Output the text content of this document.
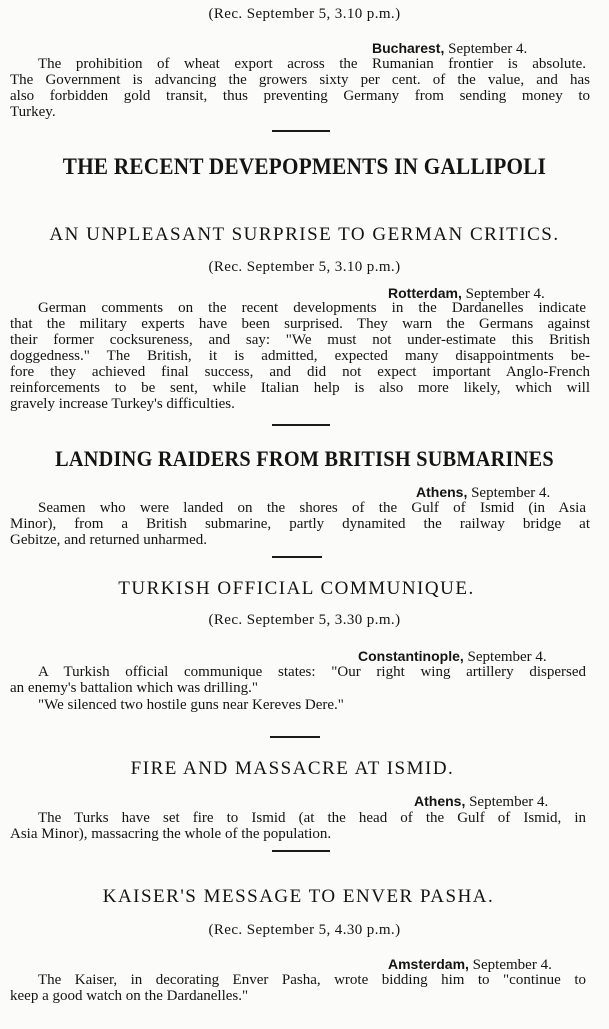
(Rec. September 5, 3.10 p.m.)
Bucharest, September 4.
The prohibition of wheat export across the Rumanian frontier is absolute.
The Government is advancing the growers sixty per cent. of the value, and has
also forbidden gold transit, thus preventing Germany from sending money to
Turkey.
THE RECENT DEVEPOPMENTS IN GALLIPOLI
AN UNPLEASANT SURPRISE TO GERMAN CRITICS.
(Rec. September 5, 3.10 p.m.)
Rotterdam, September 4.
German comments on the recent developments in the Dardanelles indicate
that the military experts have been surprised. They warn the Germans against
their former cocksureness, and say: "We must not under-estimate this British
doggedness." The British, it is admitted, expected many disappointments be-
fore they achieved final success, and did not expect important Anglo-French
reinforcements to be sent, while Italian help is also more likely, which will
gravely increase Turkey's difficulties.
LANDING RAIDERS FROM BRITISH SUBMARINES
Athens, September 4.
Seamen who were landed on the shores of the Gulf of Ismid (in Asia
Minor), from a British submarine, partly dynamited the railway bridge at
Gebitze, and returned unharmed.
TURKISH OFFICIAL COMMUNIQUE.
(Rec. September 5, 3.30 p.m.)
Constantinople, September 4.
A Turkish official communique states: "Our right wing artillery dispersed
an enemy's battalion which was drilling."
"We silenced two hostile guns near Kereves Dere."
FIRE AND MASSACRE AT ISMID.
Athens, September 4.
The Turks have set fire to Ismid (at the head of the Gulf of Ismid, in
Asia Minor), massacring the whole of the population.
KAISER'S MESSAGE TO ENVER PASHA.
(Rec. September 5, 4.30 p.m.)
Amsterdam, September 4.
The Kaiser, in decorating Enver Pasha, wrote bidding him to "continue to
keep a good watch on the Dardanelles."
